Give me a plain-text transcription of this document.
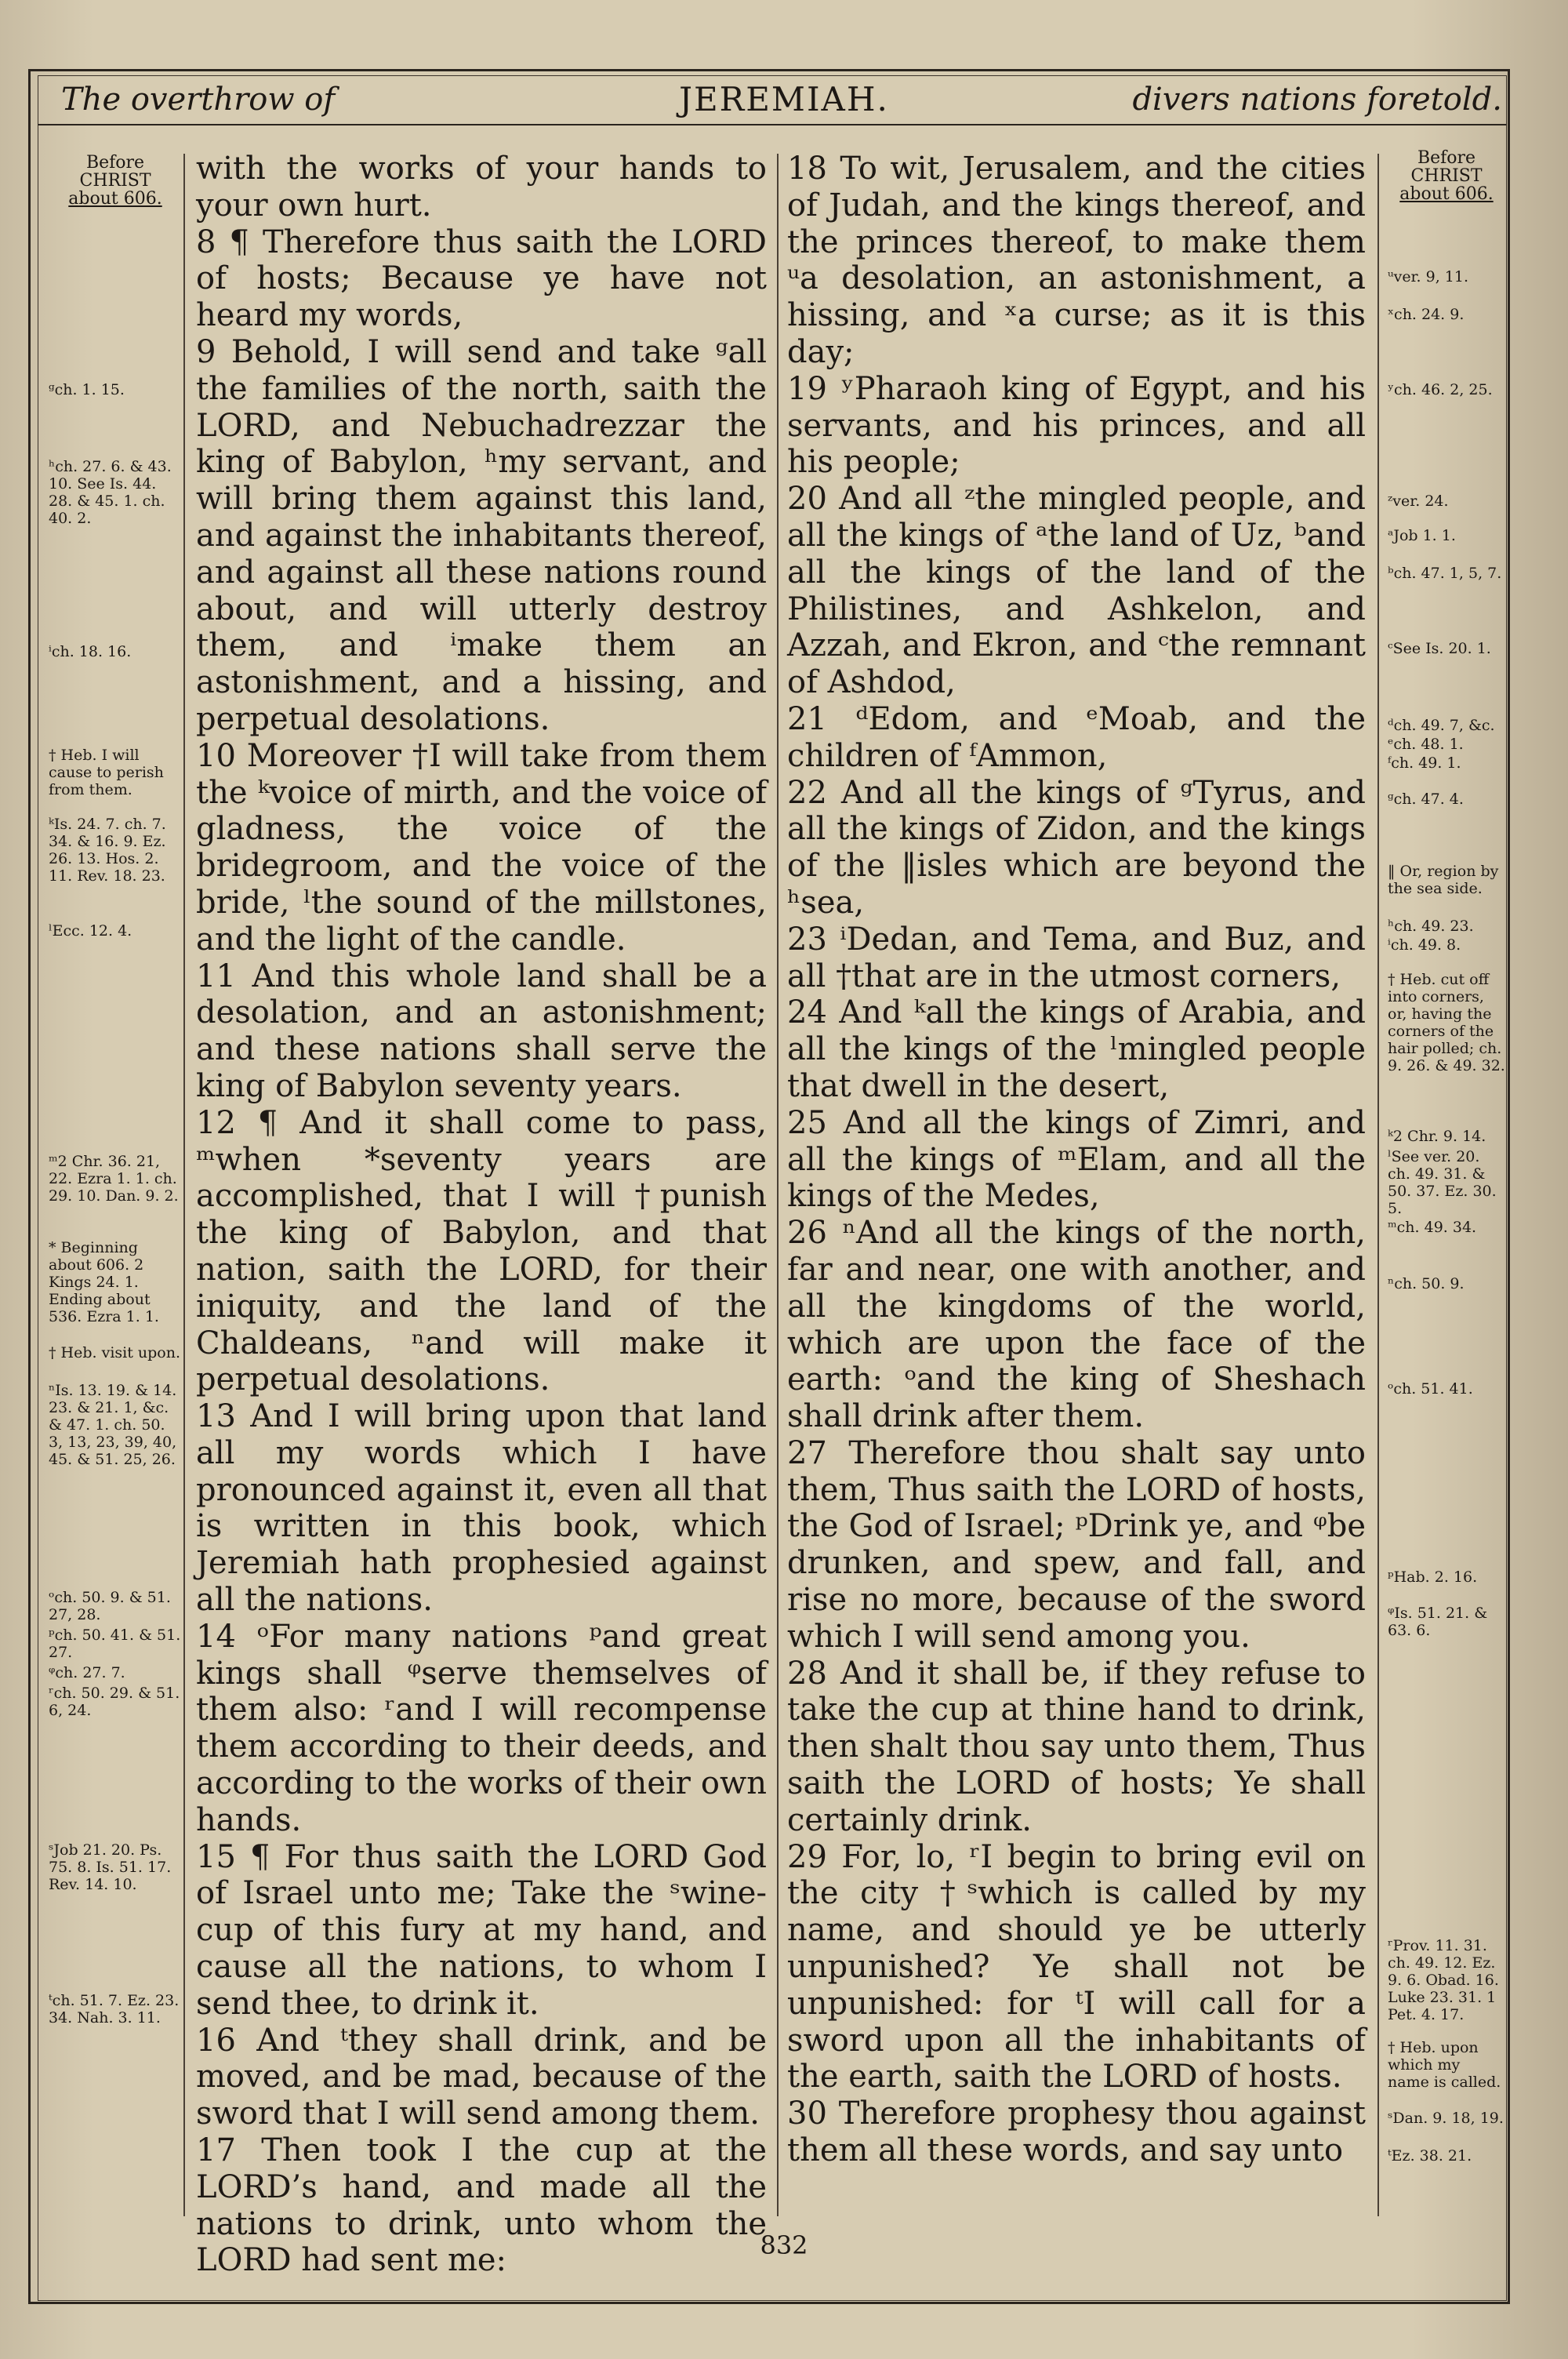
The overthrow of	JEREMIAH.	divers nations foretold.
Before
CHRIST
about 606.
Before
CHRIST
about 606.

with the works of your hands to your own hurt.

8 ¶ Therefore thus saith the LORD of hosts; Because ye have not heard my words,

9 Behold, I will send and take ᵍall the families of the north, saith the LORD, and Nebuchadrezzar the king of Babylon, ʰmy servant, and will bring them against this land, and against the inhabitants thereof, and against all these nations round about, and will utterly destroy them, and ⁱmake them an astonishment, and a hissing, and perpetual desolations.

10 Moreover †I will take from them the ᵏvoice of mirth, and the voice of gladness, the voice of the bridegroom, and the voice of the bride, ˡthe sound of the millstones, and the light of the candle.

11 And this whole land shall be a desolation, and an astonishment; and these nations shall serve the king of Babylon seventy years.

12 ¶ And it shall come to pass, ᵐwhen *seventy years are accomplished, that I will †punish the king of Babylon, and that nation, saith the LORD, for their iniquity, and the land of the Chaldeans, ⁿand will make it perpetual desolations.

13 And I will bring upon that land all my words which I have pronounced against it, even all that is written in this book, which Jeremiah hath prophesied against all the nations.

14 ᵒFor many nations ᵖand great kings shall ᵠserve themselves of them also: ʳand I will recompense them according to their deeds, and according to the works of their own hands.

15 ¶ For thus saith the LORD God of Israel unto me; Take the ˢwine-cup of this fury at my hand, and cause all the nations, to whom I send thee, to drink it.

16 And ᵗthey shall drink, and be moved, and be mad, because of the sword that I will send among them.

17 Then took I the cup at the LORD’s hand, and made all the nations to drink, unto whom the LORD had sent me:

18 To wit, Jerusalem, and the cities of Judah, and the kings thereof, and the princes thereof, to make them ᵘa desolation, an astonishment, a hissing, and ˣa curse; as it is this day;

19 ʸPharaoh king of Egypt, and his servants, and his princes, and all his people;

20 And all ᶻthe mingled people, and all the kings of ᵃthe land of Uz, ᵇand all the kings of the land of the Philistines, and Ashkelon, and Azzah, and Ekron, and ᶜthe remnant of Ashdod,

21 ᵈEdom, and ᵉMoab, and the children of ᶠAmmon,

22 And all the kings of ᵍTyrus, and all the kings of Zidon, and the kings of the ‖isles which are beyond the ʰsea,

23 ⁱDedan, and Tema, and Buz, and all †that are in the utmost corners,

24 And ᵏall the kings of Arabia, and all the kings of the ˡmingled people that dwell in the desert,

25 And all the kings of Zimri, and all the kings of ᵐElam, and all the kings of the Medes,

26 ⁿAnd all the kings of the north, far and near, one with another, and all the kingdoms of the world, which are upon the face of the earth: ᵒand the king of Sheshach shall drink after them.

27 Therefore thou shalt say unto them, Thus saith the LORD of hosts, the God of Israel; ᵖDrink ye, and ᵠbe drunken, and spew, and fall, and rise no more, because of the sword which I will send among you.

28 And it shall be, if they refuse to take the cup at thine hand to drink, then shalt thou say unto them, Thus saith the LORD of hosts; Ye shall certainly drink.

29 For, lo, ʳI begin to bring evil on the city †ˢwhich is called by my name, and should ye be utterly unpunished? Ye shall not be unpunished: for ᵗI will call for a sword upon all the inhabitants of the earth, saith the LORD of hosts.

30 Therefore prophesy thou against them all these words, and say unto

ᵍch. 1. 15.
ʰch. 27. 6. & 43. 10. See Is. 44. 28. & 45. 1. ch. 40. 2.
ⁱch. 18. 16.
† Heb. I will cause to perish from them.
ᵏIs. 24. 7. ch. 7. 34. & 16. 9. Ez. 26. 13. Hos. 2. 11. Rev. 18. 23.
ˡEcc. 12. 4.
ᵐ2 Chr. 36. 21, 22. Ezra 1. 1. ch. 29. 10. Dan. 9. 2.
* Beginning about 606. 2 Kings 24. 1. Ending about 536. Ezra 1. 1.
† Heb. visit upon.
ⁿIs. 13. 19. & 14. 23. & 21. 1, &c. & 47. 1. ch. 50. 3, 13, 23, 39, 40, 45. & 51. 25, 26.
ᵒch. 50. 9. & 51. 27, 28.
ᵖch. 50. 41. & 51. 27.
ᵠch. 27. 7.
ʳch. 50. 29. & 51. 6, 24.
ˢJob 21. 20. Ps. 75. 8. Is. 51. 17. Rev. 14. 10.
ᵗch. 51. 7. Ez. 23. 34. Nah. 3. 11.
ᵘver. 9, 11.
ˣch. 24. 9.
ʸch. 46. 2, 25.
ᶻver. 24.
ᵃJob 1. 1.
ᵇch. 47. 1, 5, 7.
ᶜSee Is. 20. 1.
ᵈch. 49. 7, &c.
ᵉch. 48. 1.
ᶠch. 49. 1.
ᵍch. 47. 4.
‖ Or, region by the sea side.
ʰch. 49. 23.
ⁱch. 49. 8.
† Heb. cut off into corners, or, having the corners of the hair polled; ch. 9. 26. & 49. 32.
ᵏ2 Chr. 9. 14.
ˡSee ver. 20. ch. 49. 31. & 50. 37. Ez. 30. 5.
ᵐch. 49. 34.
ⁿch. 50. 9.
ᵒch. 51. 41.
ᵖHab. 2. 16.
ᵠIs. 51. 21. & 63. 6.
ʳProv. 11. 31. ch. 49. 12. Ez. 9. 6. Obad. 16. Luke 23. 31. 1 Pet. 4. 17.
† Heb. upon which my name is called.
ˢDan. 9. 18, 19.
ᵗEz. 38. 21.
832
